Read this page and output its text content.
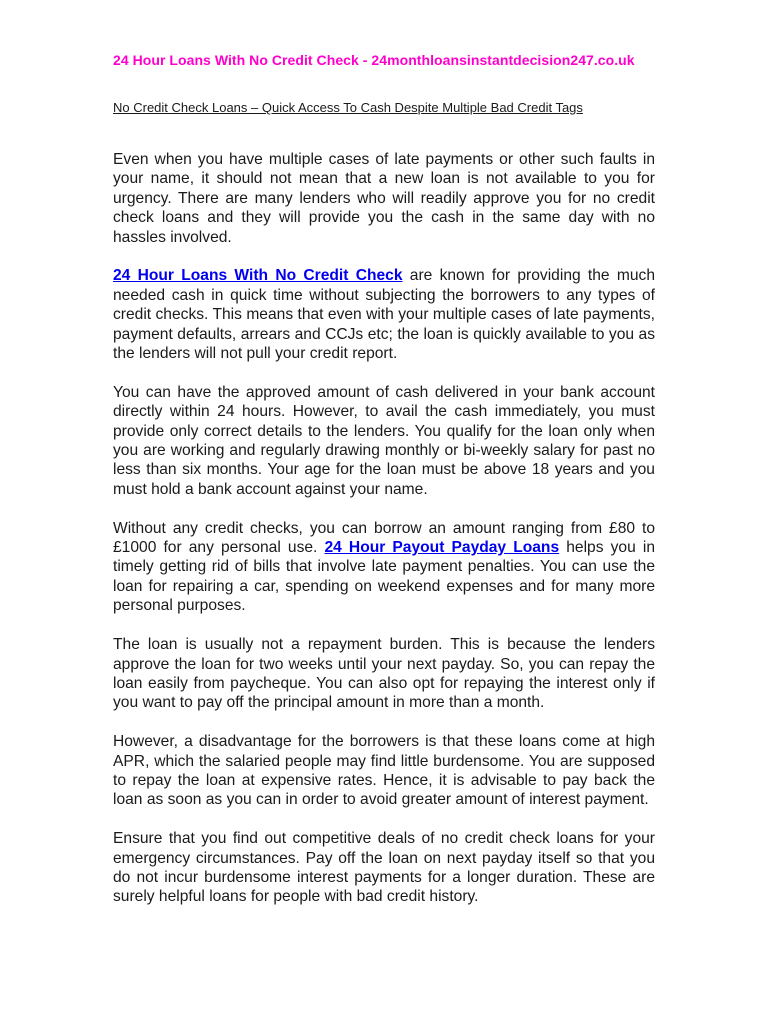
24 Hour Loans With No Credit Check - 24monthloansinstantdecision247.co.uk

No Credit Check Loans – Quick Access To Cash Despite Multiple Bad Credit Tags

Even when you have multiple cases of late payments or other such faults in your name, it should not mean that a new loan is not available to you for urgency. There are many lenders who will readily approve you for no credit check loans and they will provide you the cash in the same day with no hassles involved.

24 Hour Loans With No Credit Check are known for providing the much needed cash in quick time without subjecting the borrowers to any types of credit checks. This means that even with your multiple cases of late payments, payment defaults, arrears and CCJs etc; the loan is quickly available to you as the lenders will not pull your credit report.

You can have the approved amount of cash delivered in your bank account directly within 24 hours. However, to avail the cash immediately, you must provide only correct details to the lenders. You qualify for the loan only when you are working and regularly drawing monthly or bi-weekly salary for past no less than six months. Your age for the loan must be above 18 years and you must hold a bank account against your name.

Without any credit checks, you can borrow an amount ranging from £80 to £1000 for any personal use. 24 Hour Payout Payday Loans helps you in timely getting rid of bills that involve late payment penalties. You can use the loan for repairing a car, spending on weekend expenses and for many more personal purposes.

The loan is usually not a repayment burden. This is because the lenders approve the loan for two weeks until your next payday. So, you can repay the loan easily from paycheque. You can also opt for repaying the interest only if you want to pay off the principal amount in more than a month.

However, a disadvantage for the borrowers is that these loans come at high APR, which the salaried people may find little burdensome. You are supposed to repay the loan at expensive rates. Hence, it is advisable to pay back the loan as soon as you can in order to avoid greater amount of interest payment.

Ensure that you find out competitive deals of no credit check loans for your emergency circumstances. Pay off the loan on next payday itself so that you do not incur burdensome interest payments for a longer duration. These are surely helpful loans for people with bad credit history.
